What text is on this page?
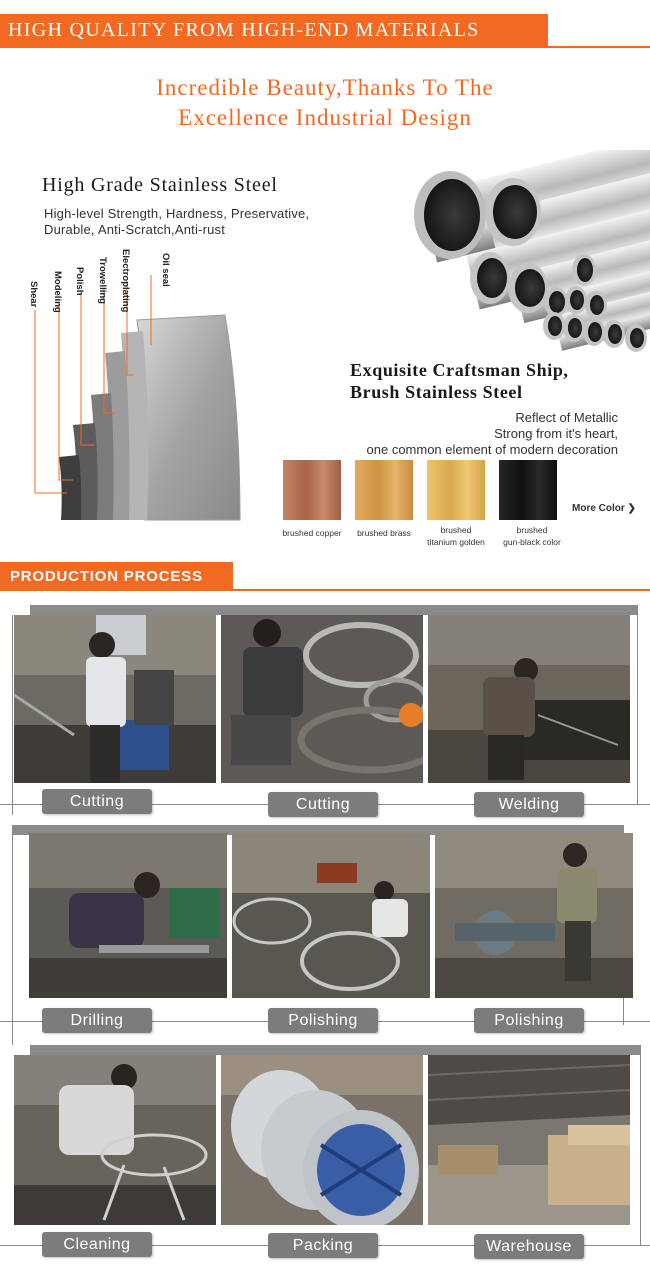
HIGH QUALITY FROM HIGH-END MATERIALS
Incredible Beauty,Thanks To The
Excellence Industrial Design
High Grade Stainless Steel
High-level Strength, Hardness, Preservative,
Durable, Anti-Scratch,Anti-rust
Shear Modeling Polish Trowelling Electroplating	Oil seal
Exquisite Craftsman Ship,
Brush Stainless Steel
Reflect of Metallic
Strong from it's heart,
one common element of modern decoration
brushed copper	brushed brass	brushed
titanium golden
brushed
gun-black color
More Color ❯
PRODUCTION PROCESS
Cutting	Cutting	Welding
Drilling	Polishing	Polishing
Cleaning	Packing	Warehouse
